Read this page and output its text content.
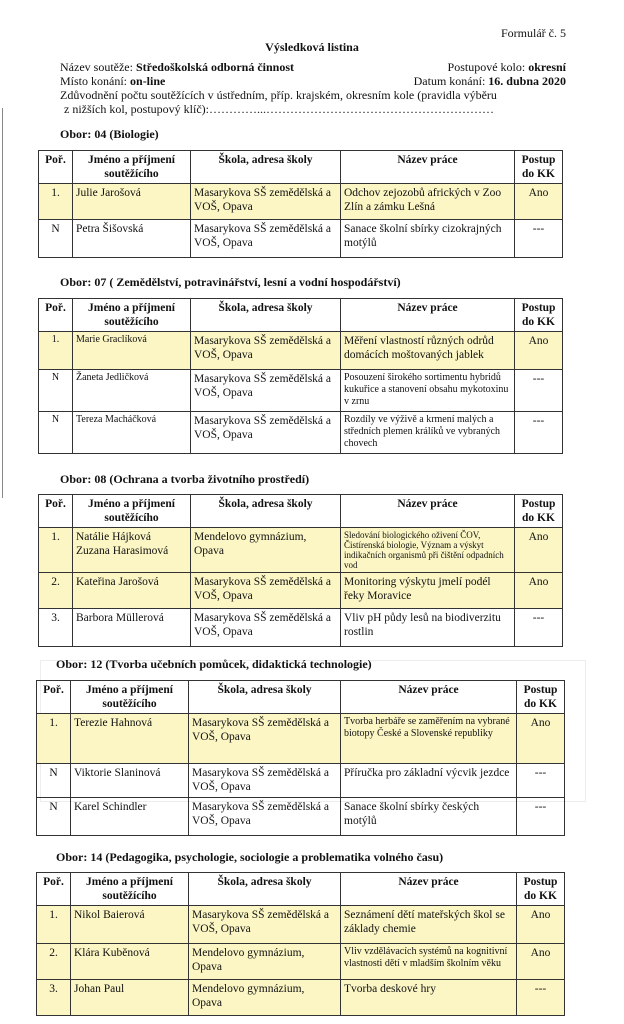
Formulář č. 5
Výsledková listina
Název soutěže: Středoškolská odborná činnost	Postupové kolo: okresní
Místo konání: on-line	Datum konání: 16. dubna 2020
Zdůvodnění počtu soutěžících v ústředním, příp. krajském, okresním kole (pravidla výběru
z nižších kol, postupový klíč):…………...…………………………………………………
Obor: 04 (Biologie)
Poř.	Jméno a příjmení soutěžícího	Škola, adresa školy	Název práce	Postup do KK
1.	Julie Jarošová	Masarykova SŠ zemědělská a VOŠ, Opava	Odchov zejozobů afrických v Zoo Zlín a zámku Lešná	Ano
N	Petra Šišovská	Masarykova SŠ zemědělská a VOŠ, Opava	Sanace školní sbírky cizokrajných motýlů	---
Obor: 07 ( Zemědělství, potravinářství, lesní a vodní hospodářství)
Poř.	Jméno a příjmení soutěžícího	Škola, adresa školy	Název práce	Postup do KK
1.	Marie Graclíková	Masarykova SŠ zemědělská a VOŠ, Opava	Měření vlastností různých odrůd domácích moštovaných jablek	Ano
N	Žaneta Jedličková	Masarykova SŠ zemědělská a VOŠ, Opava	Posouzení širokého sortimentu hybridů kukuřice a stanovení obsahu mykotoxinu v zrnu	---
N	Tereza Macháčková	Masarykova SŠ zemědělská a VOŠ, Opava	Rozdíly ve výživě a krmení malých a středních plemen králíků ve vybraných chovech	---
Obor: 08 (Ochrana a tvorba životního prostředí)
Poř.	Jméno a příjmení soutěžícího	Škola, adresa školy	Název práce	Postup do KK
1.	Natálie Hájková Zuzana Harasimová	Mendelovo gymnázium, Opava	Sledování biologického oživení ČOV, Čistírenská biologie, Význam a výskyt indikačních organismů při čištění odpadních vod	Ano
2.	Kateřina Jarošová	Masarykova SŠ zemědělská a VOŠ, Opava	Monitoring výskytu jmelí podél řeky Moravice	Ano
3.	Barbora Müllerová	Masarykova SŠ zemědělská a VOŠ, Opava	Vliv pH půdy lesů na biodiverzitu rostlin	---
Obor: 12 (Tvorba učebních pomůcek, didaktická technologie)
Poř.	Jméno a příjmení soutěžícího	Škola, adresa školy	Název práce	Postup do KK
1.	Terezie Hahnová	Masarykova SŠ zemědělská a VOŠ, Opava	Tvorba herbáře se zaměřením na vybrané biotopy České a Slovenské republiky	Ano
N	Viktorie Slaninová	Masarykova SŠ zemědělská a VOŠ, Opava	Příručka pro základní výcvik jezdce	---
N	Karel Schindler	Masarykova SŠ zemědělská a VOŠ, Opava	Sanace školní sbírky českých motýlů	---
Obor: 14 (Pedagogika, psychologie, sociologie a problematika volného času)
Poř.	Jméno a příjmení soutěžícího	Škola, adresa školy	Název práce	Postup do KK
1.	Nikol Baierová	Masarykova SŠ zemědělská a VOŠ, Opava	Seznámení dětí mateřských škol se základy chemie	Ano
2.	Klára Kuběnová	Mendelovo gymnázium, Opava	Vliv vzdělávacích systémů na kognitivní vlastnosti dětí v mladším školním věku	Ano
3.	Johan Paul	Mendelovo gymnázium, Opava	Tvorba deskové hry	---
